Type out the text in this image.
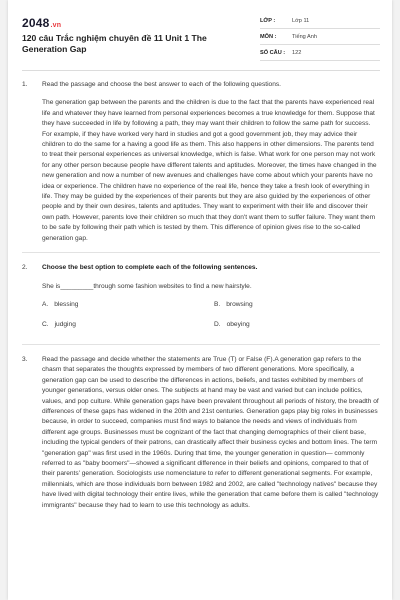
2048.vn
120 câu Trắc nghiệm chuyên đề 11 Unit 1 The Generation Gap
LỚP :	Lớp 11
MÔN :	Tiếng Anh
SỐ CÂU : 122
1. Read the passage and choose the best answer to each of the following questions.

The generation gap between the parents and the children is due to the fact that the parents have experienced real life and whatever they have learned from personal experiences becomes a true knowledge for them. Suppose that they have succeeded in life by following a path, they may want their children to follow the same path for success. For example, if they have worked very hard in studies and got a good government job, they may advice their children to do the same for a having a good life as them. This also happens in other dimensions. The parents tend to treat their personal experiences as universal knowledge, which is false. What work for one person may not work for any other person because people have different talents and aptitudes. Moreover, the times have changed in the new generation and now a number of new avenues and challenges have come about which your parents have no idea or experience. The children have no experience of the real life, hence they take a fresh look of everything in life. They may be guided by the experiences of their parents but they are also guided by the experiences of other people and by their own desires, talents and aptitudes. They want to experiment with their life and discover their own path. However, parents love their children so much that they don't want them to suffer failure. They want them to be safe by following their path which is tested by them. This difference of opinion gives rise to the so-called generation gap.

2. Choose the best option to complete each of the following sentences.

She is_________through some fashion websites to find a new hairstyle.

A. blessing	B. browsing
C. judging	D. obeying
3. Read the passage and decide whether the statements are True (T) or False (F).A generation gap refers to the chasm that separates the thoughts expressed by members of two different generations. More specifically, a generation gap can be used to describe the differences in actions, beliefs, and tastes exhibited by members of younger generations, versus older ones. The subjects at hand may be vast and varied but can include politics, values, and pop culture. While generation gaps have been prevalent throughout all periods of history, the breadth of differences of these gaps has widened in the 20th and 21st centuries. Generation gaps play big roles in businesses because, in order to succeed, companies must find ways to balance the needs and views of individuals from different age groups. Businesses must be cognizant of the fact that changing demographics of their client base, including the typical genders of their patrons, can drastically affect their business cycles and bottom lines. The term "generation gap" was first used in the 1960s. During that time, the younger generation in question— commonly referred to as "baby boomers"—showed a significant difference in their beliefs and opinions, compared to that of their parents' generation. Sociologists use nomenclature to refer to different generational segments. For example, millennials, which are those individuals born between 1982 and 2002, are called "technology natives" because they have lived with digital technology their entire lives, while the generation that came before them is called "technology immigrants" because they had to learn to use this technology as adults.
